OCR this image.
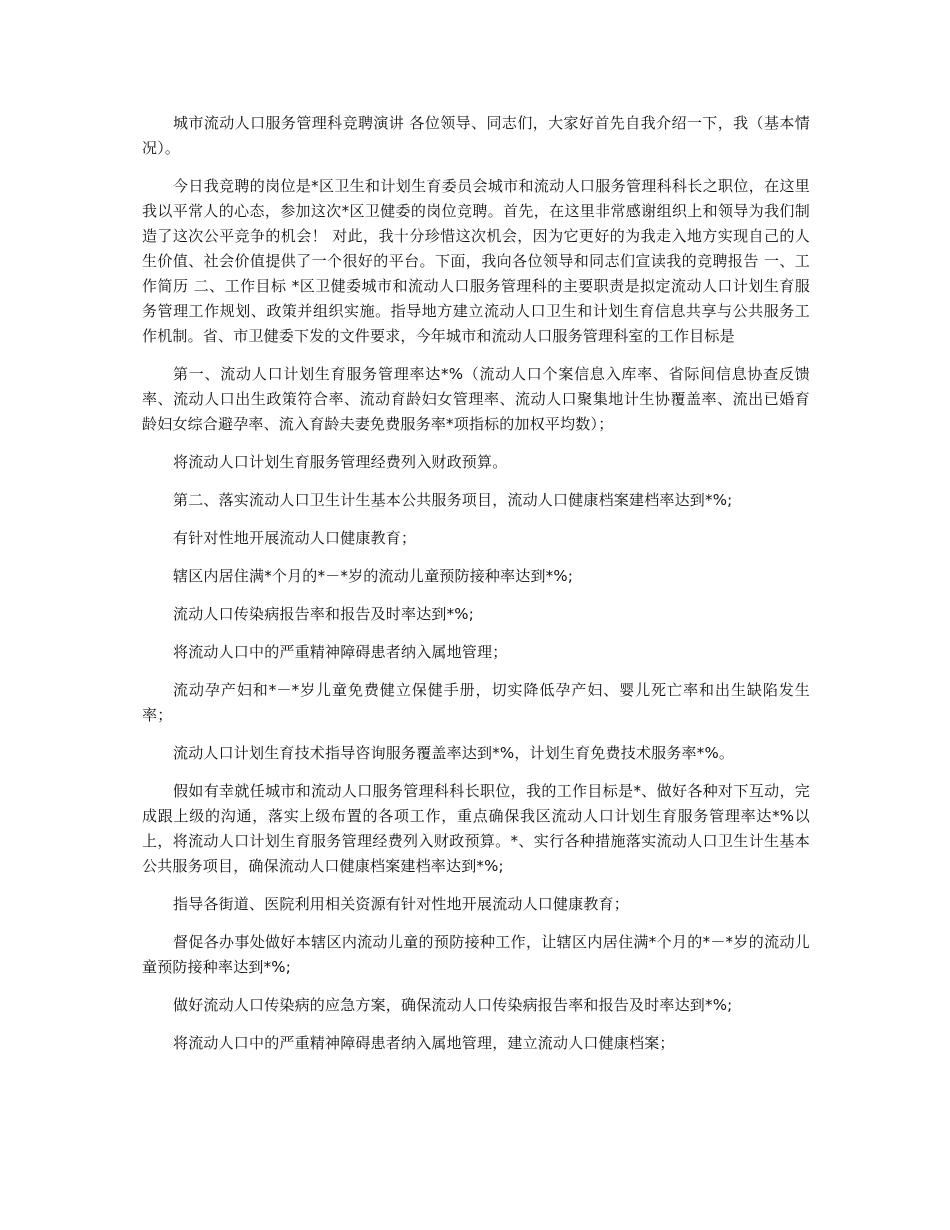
城市流动人口服务管理科竞聘演讲 各位领导、同志们，大家好首先自我介绍一下，我（基本情况）。

今日我竞聘的岗位是*区卫生和计划生育委员会城市和流动人口服务管理科科长之职位，在这里我以平常人的心态，参加这次*区卫健委的岗位竞聘。首先，在这里非常感谢组织上和领导为我们制造了这次公平竞争的机会！ 对此，我十分珍惜这次机会，因为它更好的为我走入地方实现自己的人生价值、社会价值提供了一个很好的平台。下面，我向各位领导和同志们宣读我的竞聘报告 一、工作简历 二、工作目标 *区卫健委城市和流动人口服务管理科的主要职责是拟定流动人口计划生育服务管理工作规划、政策并组织实施。指导地方建立流动人口卫生和计划生育信息共享与公共服务工作机制。省、市卫健委下发的文件要求，今年城市和流动人口服务管理科室的工作目标是

第一、流动人口计划生育服务管理率达*%（流动人口个案信息入库率、省际间信息协查反馈率、流动人口出生政策符合率、流动育龄妇女管理率、流动人口聚集地计生协覆盖率、流出已婚育龄妇女综合避孕率、流入育龄夫妻免费服务率*项指标的加权平均数）；

将流动人口计划生育服务管理经费列入财政预算。

第二、落实流动人口卫生计生基本公共服务项目，流动人口健康档案建档率达到*%;

有针对性地开展流动人口健康教育；

辖区内居住满*个月的*－*岁的流动儿童预防接种率达到*%;

流动人口传染病报告率和报告及时率达到*%;

将流动人口中的严重精神障碍患者纳入属地管理；

流动孕产妇和*－*岁儿童免费健立保健手册，切实降低孕产妇、婴儿死亡率和出生缺陷发生率；

流动人口计划生育技术指导咨询服务覆盖率达到*%，计划生育免费技术服务率*%。

假如有幸就任城市和流动人口服务管理科科长职位，我的工作目标是*、做好各种对下互动，完成跟上级的沟通，落实上级布置的各项工作，重点确保我区流动人口计划生育服务管理率达*%以上，将流动人口计划生育服务管理经费列入财政预算。*、实行各种措施落实流动人口卫生计生基本公共服务项目，确保流动人口健康档案建档率达到*%;

指导各街道、医院利用相关资源有针对性地开展流动人口健康教育；

督促各办事处做好本辖区内流动儿童的预防接种工作，让辖区内居住满*个月的*－*岁的流动儿童预防接种率达到*%;

做好流动人口传染病的应急方案，确保流动人口传染病报告率和报告及时率达到*%;

将流动人口中的严重精神障碍患者纳入属地管理，建立流动人口健康档案；
